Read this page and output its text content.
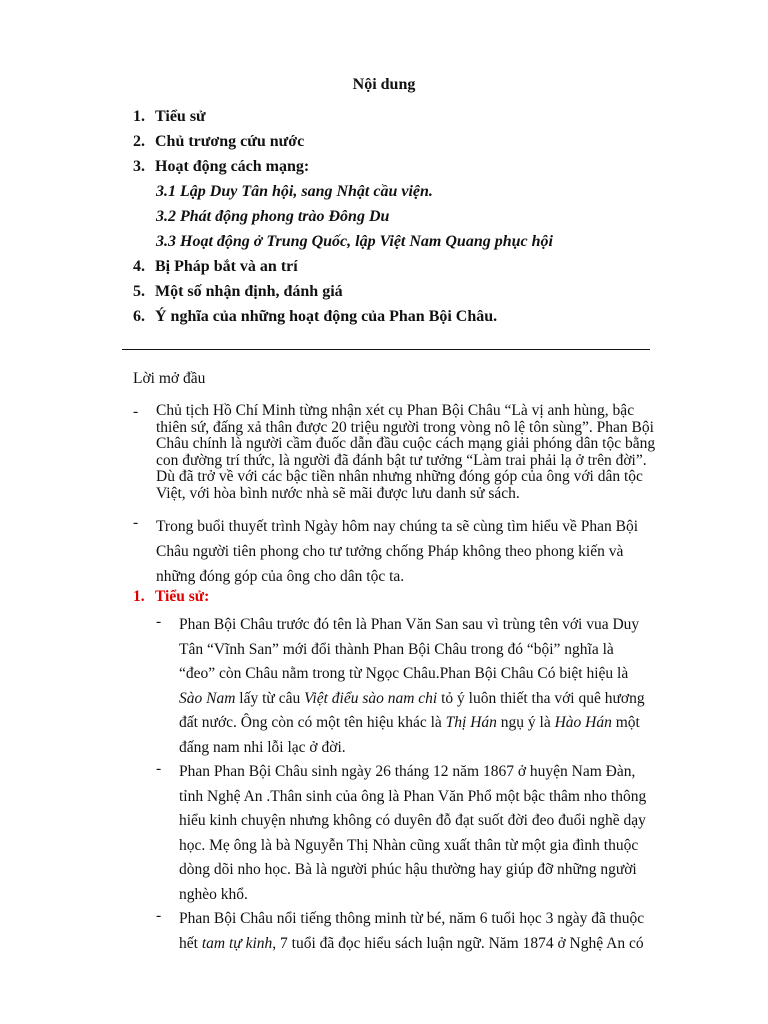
Nội dung
1. Tiểu sử
2. Chủ trương cứu nước
3. Hoạt động cách mạng:
3.1 Lập Duy Tân hội, sang Nhật cầu viện.
3.2 Phát động phong trào Đông Du
3.3 Hoạt động ở Trung Quốc, lập Việt Nam Quang phục hội
4. Bị Pháp bắt và an trí
5. Một số nhận định, đánh giá
6. Ý nghĩa của những hoạt động của Phan Bội Châu.
Lời mở đầu
- Chủ tịch Hồ Chí Minh từng nhận xét cụ Phan Bội Châu “Là vị anh hùng, bậc
thiên sứ, đấng xả thân được 20 triệu người trong vòng nô lệ tôn sùng”. Phan Bội
Châu chính là người cầm đuốc dẫn đầu cuộc cách mạng giải phóng dân tộc bằng
con đường trí thức, là người đã đánh bật tư tưởng “Làm trai phải lạ ở trên đời”.
Dù đã trở về với các bậc tiền nhân nhưng những đóng góp của ông với dân tộc
Việt, với hòa bình nước nhà sẽ mãi được lưu danh sử sách.
- Trong buổi thuyết trình Ngày hôm nay chúng ta sẽ cùng tìm hiểu về Phan Bội
Châu người tiên phong cho tư tưởng chống Pháp không theo phong kiến và
những đóng góp của ông cho dân tộc ta.
1. Tiểu sử:
- Phan Bội Châu trước đó tên là Phan Văn San sau vì trùng tên với vua Duy
Tân “Vĩnh San” mới đổi thành Phan Bội Châu trong đó “bội” nghĩa là
“đeo” còn Châu nằm trong từ Ngọc Châu.Phan Bội Châu Có biệt hiệu là
Sào Nam lấy từ câu Việt điểu sào nam chi tỏ ý luôn thiết tha với quê hương
đất nước. Ông còn có một tên hiệu khác là Thị Hán ngụ ý là Hào Hán một
đấng nam nhi lỗi lạc ở đời.
- Phan Phan Bội Châu sinh ngày 26 tháng 12 năm 1867 ở huyện Nam Đàn,
tỉnh Nghệ An .Thân sinh của ông là Phan Văn Phổ một bậc thâm nho thông
hiểu kinh chuyện nhưng không có duyên đỗ đạt suốt đời đeo đuổi nghề dạy
học. Mẹ ông là bà Nguyễn Thị Nhàn cũng xuất thân từ một gia đình thuộc
dòng dõi nho học. Bà là người phúc hậu thường hay giúp đỡ những người
nghèo khổ.
- Phan Bội Châu nổi tiếng thông minh từ bé, năm 6 tuổi học 3 ngày đã thuộc
hết tam tự kinh, 7 tuổi đã đọc hiểu sách luận ngữ. Năm 1874 ở Nghệ An có
